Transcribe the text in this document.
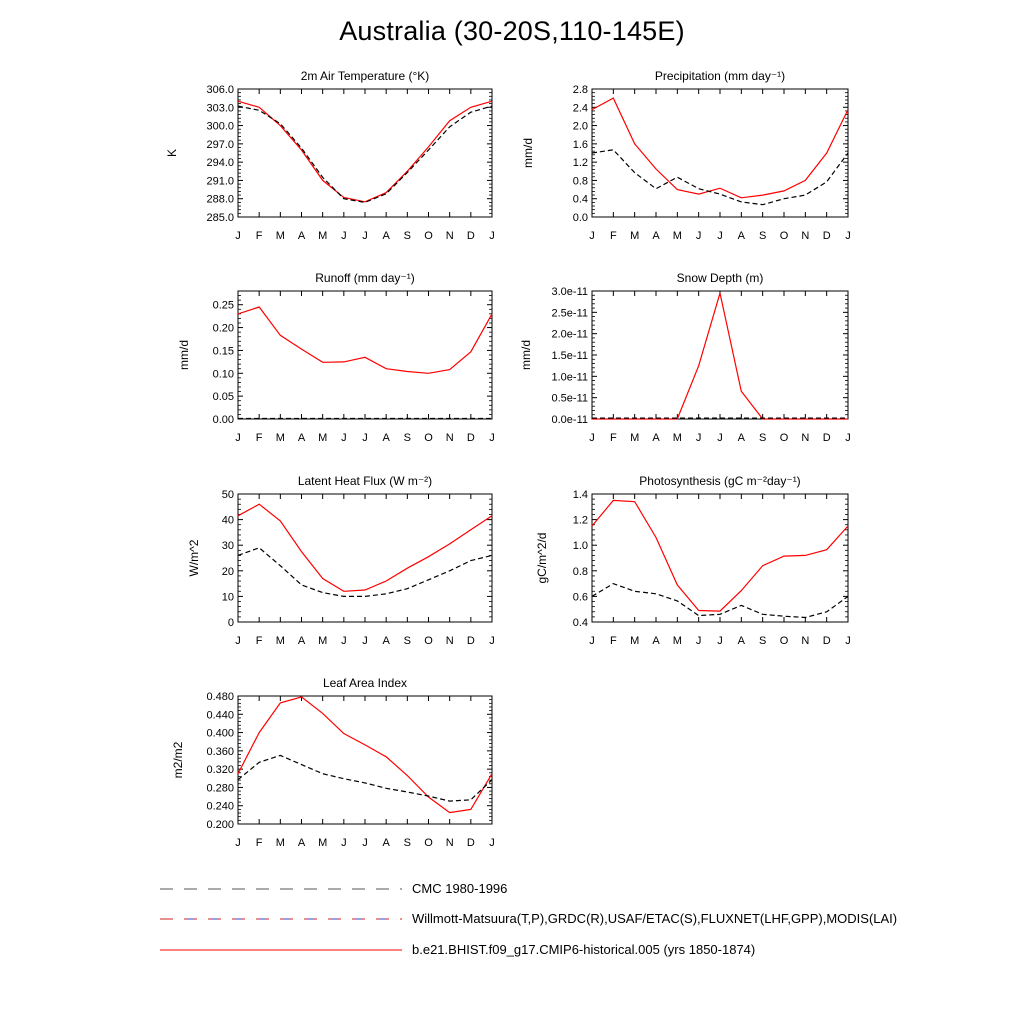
Australia (30-20S,110-145E)
2m Air Temperature (°K)
K
285.0
288.0
291.0
294.0
297.0
300.0
303.0
306.0
J F M A M J J A S O N D J
Precipitation (mm day⁻¹)
mm/d
0.0
0.4
0.8
1.2
1.6
2.0
2.4
2.8
J F M A M J J A S O N D J
Runoff (mm day⁻¹)
mm/d
0.00
0.05
0.10
0.15
0.20
0.25
J F M A M J J A S O N D J
Snow Depth (m)
mm/d
0.0e-11
0.5e-11
1.0e-11
1.5e-11
2.0e-11
2.5e-11
3.0e-11
J F M A M J J A S O N D J
Latent Heat Flux (W m⁻²)
W/m^2
0
10
20
30
40
50
J F M A M J J A S O N D J
Photosynthesis (gC m⁻²day⁻¹)
gC/m^2/d
0.4
0.6
0.8
1.0
1.2
1.4
J F M A M J J A S O N D J
Leaf Area Index
m2/m2
0.200
0.240
0.280
0.320
0.360
0.400
0.440
0.480
J F M A M J J A S O N D J
CMC 1980-1996
Willmott-Matsuura(T,P),GRDC(R),USAF/ETAC(S),FLUXNET(LHF,GPP),MODIS(LAI)
b.e21.BHIST.f09_g17.CMIP6-historical.005 (yrs 1850-1874)
